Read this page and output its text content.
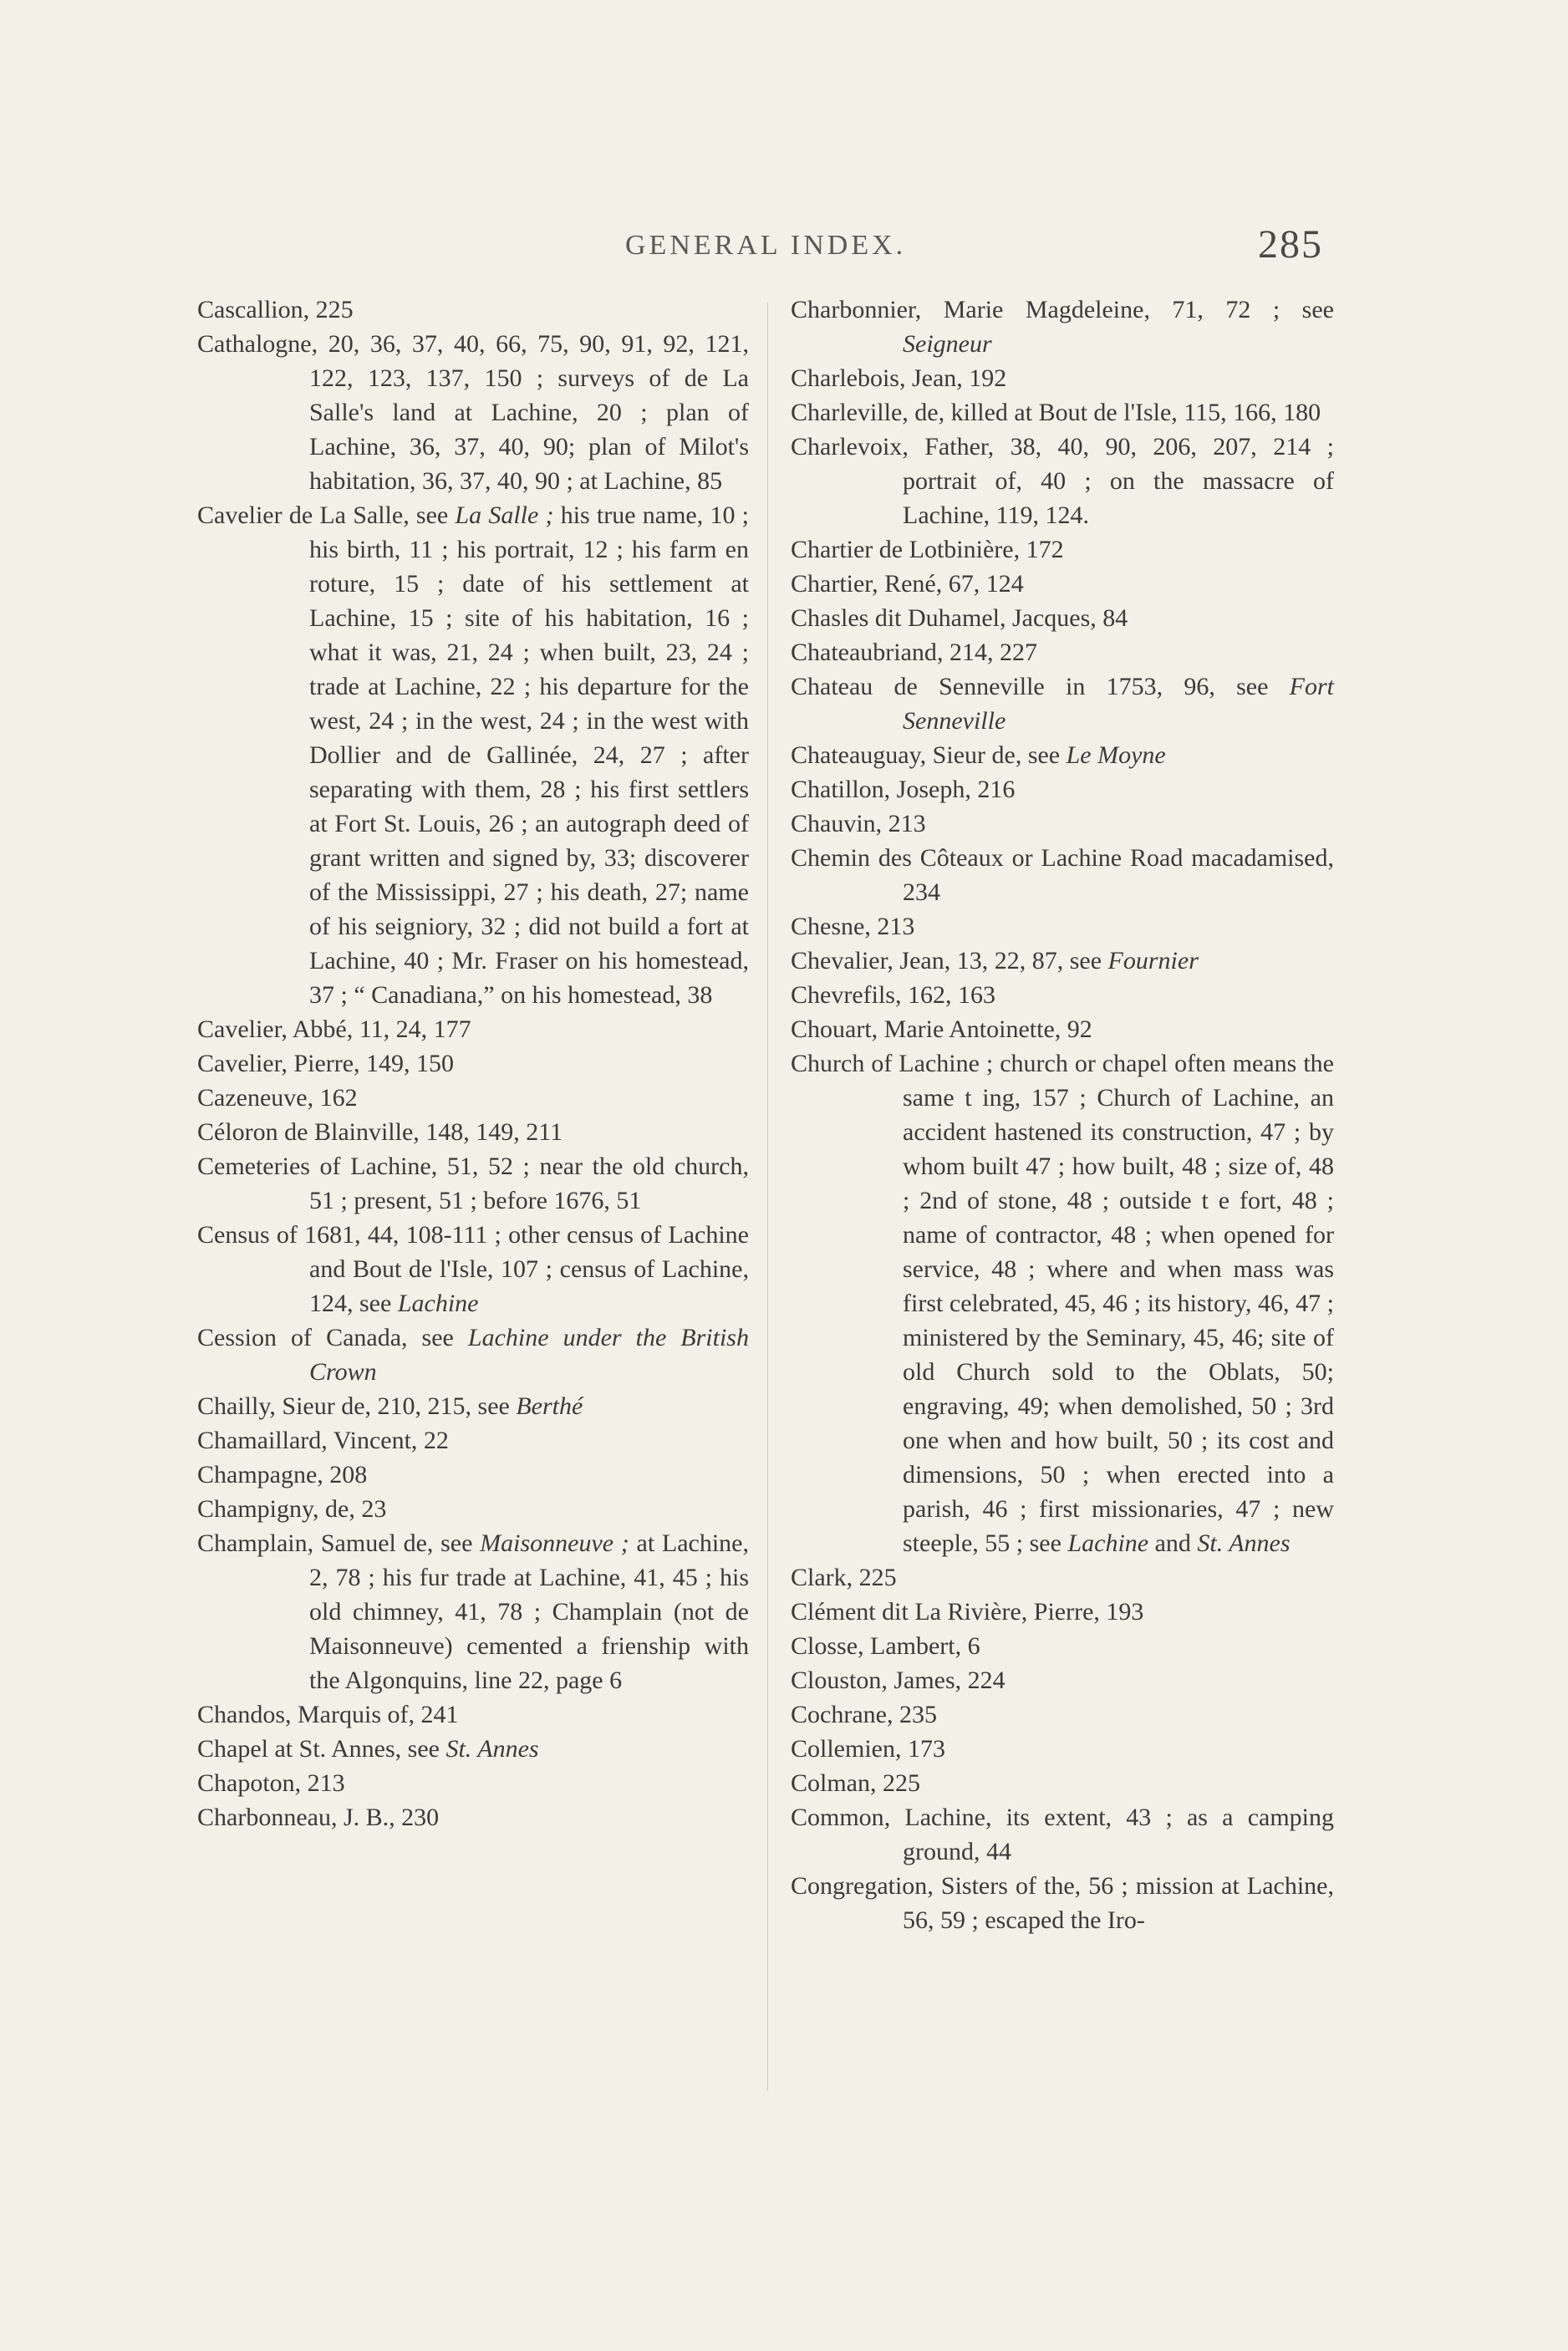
GENERAL INDEX.	285
Cascallion, 225
Cathalogne, 20, 36, 37, 40, 66, 75, 90, 91, 92, 121, 122, 123, 137, 150 ; surveys of de La Salle's land at Lachine, 20 ; plan of Lachine, 36, 37, 40, 90; plan of Milot's habitation, 36, 37, 40, 90 ; at Lachine, 85
Cavelier de La Salle, see La Salle ; his true name, 10 ; his birth, 11 ; his portrait, 12 ; his farm en roture, 15 ; date of his settlement at Lachine, 15 ; site of his habitation, 16 ; what it was, 21, 24 ; when built, 23, 24 ; trade at Lachine, 22 ; his departure for the west, 24 ; in the west, 24 ; in the west with Dollier and de Gallinée, 24, 27 ; after separating with them, 28 ; his first settlers at Fort St. Louis, 26 ; an autograph deed of grant written and signed by, 33; discoverer of the Mississippi, 27 ; his death, 27; name of his seigniory, 32 ; did not build a fort at Lachine, 40 ; Mr. Fraser on his homestead, 37 ; “ Canadiana,” on his homestead, 38
Cavelier, Abbé, 11, 24, 177
Cavelier, Pierre, 149, 150
Cazeneuve, 162
Céloron de Blainville, 148, 149, 211
Cemeteries of Lachine, 51, 52 ; near the old church, 51 ; present, 51 ; before 1676, 51
Census of 1681, 44, 108-111 ; other census of Lachine and Bout de l'Isle, 107 ; census of Lachine, 124, see Lachine
Cession of Canada, see Lachine under the British Crown
Chailly, Sieur de, 210, 215, see Berthé
Chamaillard, Vincent, 22
Champagne, 208
Champigny, de, 23
Champlain, Samuel de, see Maisonneuve ; at Lachine, 2, 78 ; his fur trade at Lachine, 41, 45 ; his old chimney, 41, 78 ; Champlain (not de Maisonneuve) cemented a frienship with the Algonquins, line 22, page 6
Chandos, Marquis of, 241
Chapel at St. Annes, see St. Annes
Chapoton, 213
Charbonneau, J. B., 230
Charbonnier, Marie Magdeleine, 71, 72 ; see Seigneur
Charlebois, Jean, 192
Charleville, de, killed at Bout de l'Isle, 115, 166, 180
Charlevoix, Father, 38, 40, 90, 206, 207, 214 ; portrait of, 40 ; on the massacre of Lachine, 119, 124.
Chartier de Lotbinière, 172
Chartier, René, 67, 124
Chasles dit Duhamel, Jacques, 84
Chateaubriand, 214, 227
Chateau de Senneville in 1753, 96, see Fort Senneville
Chateauguay, Sieur de, see Le Moyne
Chatillon, Joseph, 216
Chauvin, 213
Chemin des Côteaux or Lachine Road macadamised, 234
Chesne, 213
Chevalier, Jean, 13, 22, 87, see Fournier
Chevrefils, 162, 163
Chouart, Marie Antoinette, 92
Church of Lachine ; church or chapel often means the same t ing, 157 ; Church of Lachine, an accident hastened its construction, 47 ; by whom built 47 ; how built, 48 ; size of, 48 ; 2nd of stone, 48 ; outside t e fort, 48 ; name of contractor, 48 ; when opened for service, 48 ; where and when mass was first celebrated, 45, 46 ; its history, 46, 47 ; ministered by the Seminary, 45, 46; site of old Church sold to the Oblats, 50; engraving, 49; when demolished, 50 ; 3rd one when and how built, 50 ; its cost and dimensions, 50 ; when erected into a parish, 46 ; first missionaries, 47 ; new steeple, 55 ; see Lachine and St. Annes
Clark, 225
Clément dit La Rivière, Pierre, 193
Closse, Lambert, 6
Clouston, James, 224
Cochrane, 235
Collemien, 173
Colman, 225
Common, Lachine, its extent, 43 ; as a camping ground, 44
Congregation, Sisters of the, 56 ; mission at Lachine, 56, 59 ; escaped the Iro-
